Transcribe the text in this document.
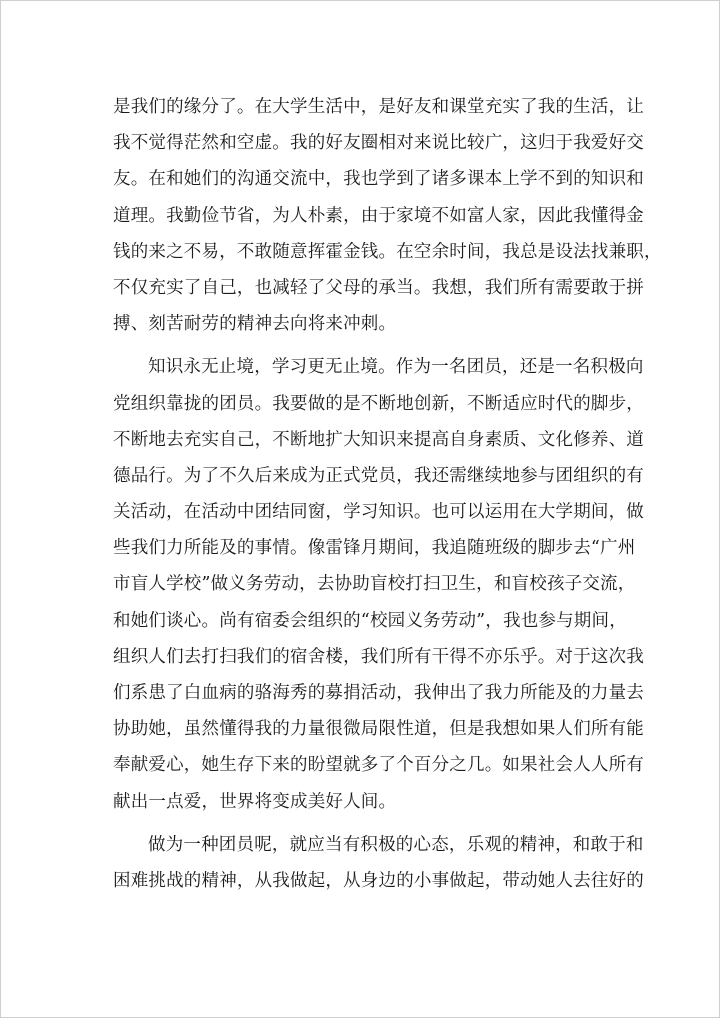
是我们的缘分了。在大学生活中，是好友和课堂充实了我的生活，让
我不觉得茫然和空虚。我的好友圈相对来说比较广，这归于我爱好交
友。在和她们的沟通交流中，我也学到了诸多课本上学不到的知识和
道理。我勤俭节省，为人朴素，由于家境不如富人家，因此我懂得金
钱的来之不易，不敢随意挥霍金钱。在空余时间，我总是设法找兼职，
不仅充实了自己，也减轻了父母的承当。我想，我们所有需要敢于拼
搏、刻苦耐劳的精神去向将来冲刺。
知识永无止境，学习更无止境。作为一名团员，还是一名积极向
党组织靠拢的团员。我要做的是不断地创新，不断适应时代的脚步，
不断地去充实自己，不断地扩大知识来提高自身素质、文化修养、道
德品行。为了不久后来成为正式党员，我还需继续地参与团组织的有
关活动，在活动中团结同窗，学习知识。也可以运用在大学期间，做
些我们力所能及的事情。像雷锋月期间，我追随班级的脚步去“广州
市盲人学校”做义务劳动，去协助盲校打扫卫生，和盲校孩子交流，
和她们谈心。尚有宿委会组织的“校园义务劳动”，我也参与期间，
组织人们去打扫我们的宿舍楼，我们所有干得不亦乐乎。对于这次我
们系患了白血病的骆海秀的募捐活动，我伸出了我力所能及的力量去
协助她，虽然懂得我的力量很微局限性道，但是我想如果人们所有能
奉献爱心，她生存下来的盼望就多了个百分之几。如果社会人人所有
献出一点爱，世界将变成美好人间。
做为一种团员呢，就应当有积极的心态，乐观的精神，和敢于和
困难挑战的精神，从我做起，从身边的小事做起，带动她人去往好的
